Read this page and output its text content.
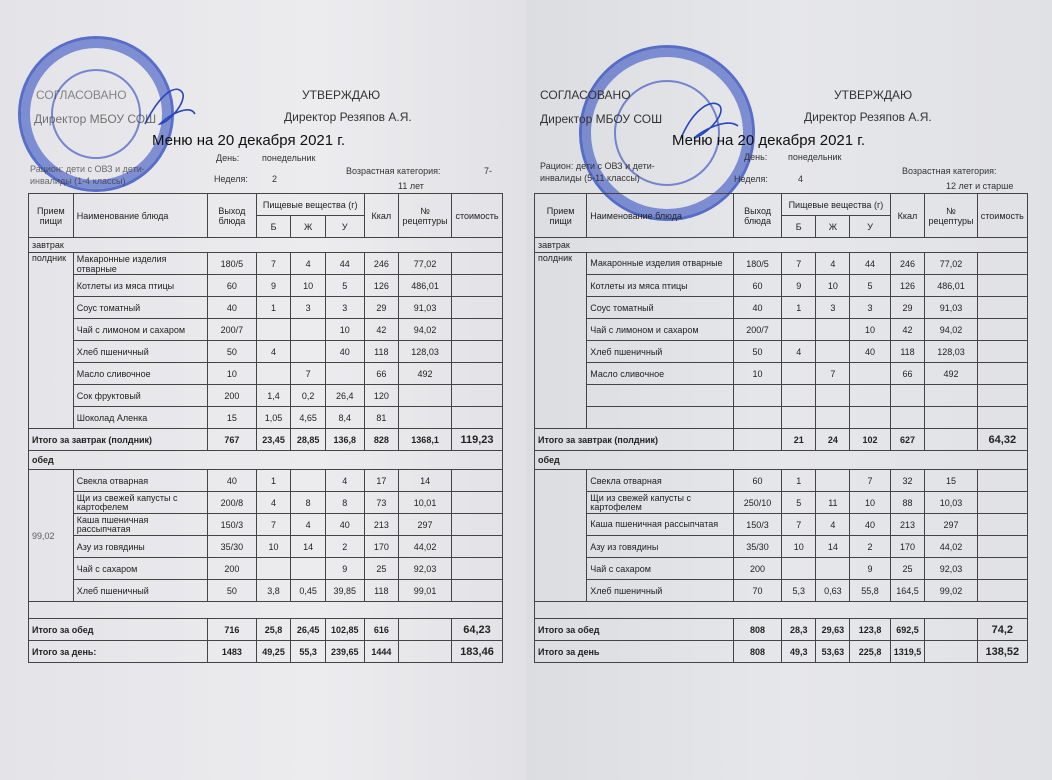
УТВЕРЖДАЮ
Директор Резяпов А.Я.
СОГЛАСОВАНО
Директор МБОУ СОШ
Меню на 20 декабря 2021 г.
День:	понедельник
Рацион: дети с ОВЗ и дети-инвалиды (1-4 классы)	Неделя:	2
Возрастная категория:	7-
11 лет
Прием пищи	Наименование блюда	Выход блюда	Пищевые вещества (г)			Ккал	№ рецептуры	стоимость
			Б	Ж	У			
завтрак								
полдник	Макаронные изделия отварные	180/5	7	4	44	246	77,02	
	Котлеты из мяса птицы	60	9	10	5	126	486,01	
	Соус томатный	40	1	3	3	29	91,03	
	Чай с лимоном и сахаром	200/7			10	42	94,02	
	Хлеб пшеничный	50	4		40	118	128,03	
	Масло сливочное	10		7		66	492	
	Сок фруктовый	200	1,4	0,2	26,4	120		
	Шоколад Аленка	15	1,05	4,65	8,4	81		
Итого за завтрак (полдник)		767	23,45	28,85	136,8	828	1368,1	119,23
обед								
99,02	Свекла отварная	40	1		4	17	14	
	Щи из свежей капусты с картофелем	200/8	4	8	8	73	10,01	
	Каша пшеничная рассыпчатая	150/3	7	4	40	213	297	
	Азу из говядины	35/30	10	14	2	170	44,02	
	Чай с сахаром	200			9	25	92,03	
	Хлеб пшеничный	50	3,8	0,45	39,85	118	99,01	

Итого за обед		716	25,8	26,45	102,85	616		64,23
Итого за день:		1483	49,25	55,3	239,65	1444		183,46
СОГЛАСОВАНО
Директор МБОУ СОШ
УТВЕРЖДАЮ
Директор Резяпов А.Я.
Меню на 20 декабря 2021 г.
День: понедельник
Рацион: дети с ОВЗ и дети-инвалиды (5-11 классы)	Неделя:	4
Возрастная категория:
12 лет и старше
Прием пищи	Наименование блюда	Выход блюда	Пищевые вещества (г)			Ккал	№ рецептуры	стоимость
			Б	Ж	У			
завтрак								
полдник	Макаронные изделия отварные	180/5	7	4	44	246	77,02	
	Котлеты из мяса птицы	60	9	10	5	126	486,01	
	Соус томатный	40	1	3	3	29	91,03	
	Чай с лимоном и сахаром	200/7			10	42	94,02	
	Хлеб пшеничный	50	4		40	118	128,03	
	Масло сливочное	10		7		66	492	

Итого за завтрак (полдник)			21	24	102	627		64,32
обед								
	Свекла отварная	60	1		7	32	15	
	Щи из свежей капусты с картофелем	250/10	5	11	10	88	10,03	
	Каша пшеничная рассыпчатая	150/3	7	4	40	213	297	
	Азу из говядины	35/30	10	14	2	170	44,02	
	Чай с сахаром	200			9	25	92,03	
	Хлеб пшеничный	70	5,3	0,63	55,8	164,5	99,02	

Итого за обед		808	28,3	29,63	123,8	692,5		74,2
Итого за день		808	49,3	53,63	225,8	1319,5		138,52
